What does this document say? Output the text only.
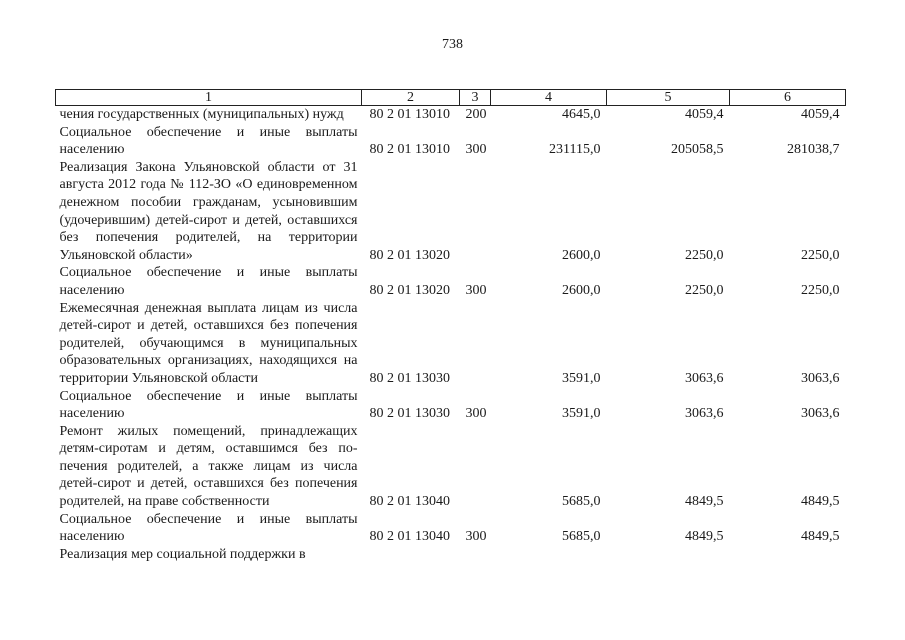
738
1	2	3	4	5	6
чения государственных (муниципальных) нужд	80 2 01 13010	200	4645,0	4059,4	4059,4
Социальное обеспечение и иные выплаты населению	80 2 01 13010	300	231115,0	205058,5	281038,7
Реализация Закона Ульяновской области от 31 августа 2012 года № 112-ЗО «О единовременном денежном пособии гражданам, усыновившим (удочерившим) детей-сирот и детей, оставшихся без попечения родителей, на территории Ульяновской области»	80 2 01 13020		2600,0	2250,0	2250,0
Социальное обеспечение и иные выплаты населению	80 2 01 13020	300	2600,0	2250,0	2250,0
Ежемесячная денежная выплата лицам из числа детей-сирот и детей, оставшихся без попечения родителей, обучающимся в муниципальных образовательных организациях, находящихся на территории Ульяновской области	80 2 01 13030		3591,0	3063,6	3063,6
Социальное обеспечение и иные выплаты населению	80 2 01 13030	300	3591,0	3063,6	3063,6
Ремонт жилых помещений, принадлежащих детям-сиротам и детям, оставшимся без попечения родителей, а также лицам из числа детей-сирот и детей, оставшихся без попечения родителей, на праве собственности	80 2 01 13040		5685,0	4849,5	4849,5
Социальное обеспечение и иные выплаты населению	80 2 01 13040	300	5685,0	4849,5	4849,5
Реализация мер социальной поддержки в					
